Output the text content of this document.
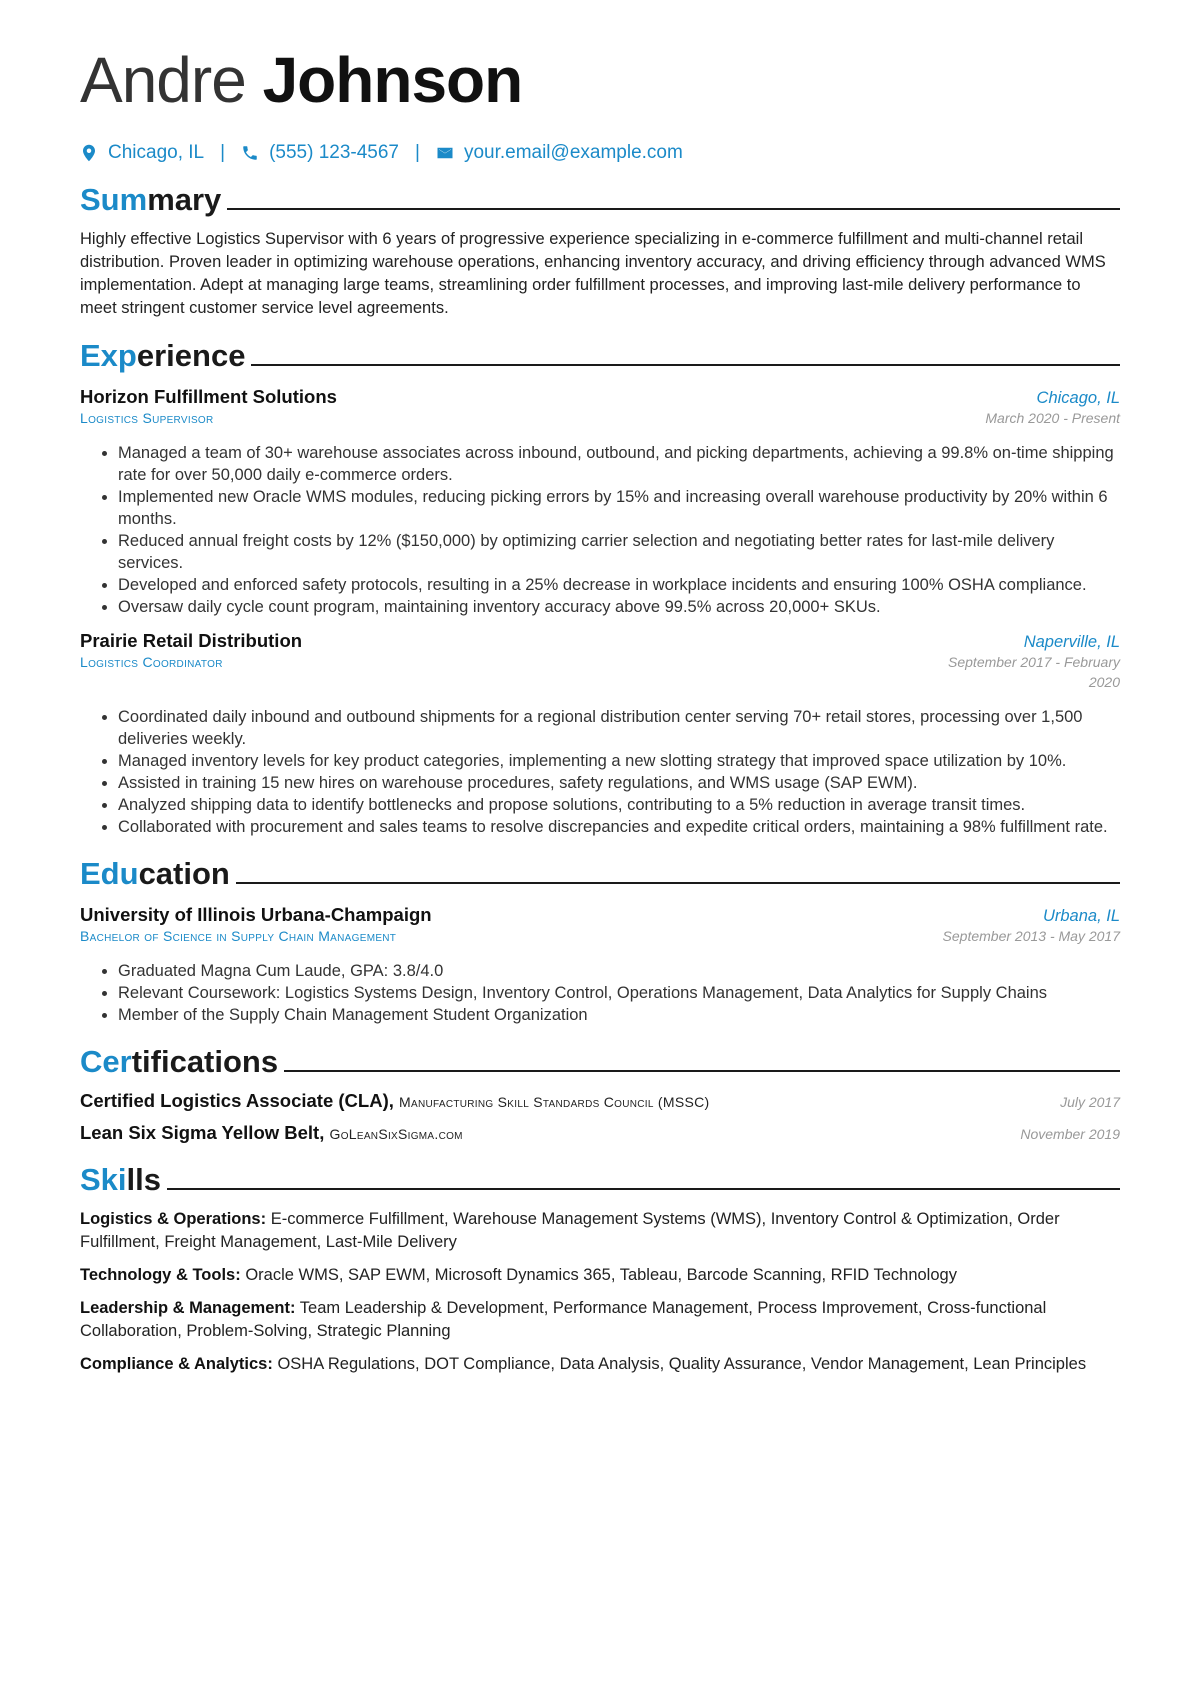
Andre Johnson
Chicago, IL | (555) 123-4567 | your.email@example.com
Summary
Highly effective Logistics Supervisor with 6 years of progressive experience specializing in e-commerce fulfillment and multi-channel retail distribution. Proven leader in optimizing warehouse operations, enhancing inventory accuracy, and driving efficiency through advanced WMS implementation. Adept at managing large teams, streamlining order fulfillment processes, and improving last-mile delivery performance to meet stringent customer service level agreements.
Experience
Horizon Fulfillment Solutions	Chicago, IL
Logistics Supervisor	March 2020 - Present
• Managed a team of 30+ warehouse associates across inbound, outbound, and picking departments, achieving a 99.8% on-time shipping rate for over 50,000 daily e-commerce orders.
• Implemented new Oracle WMS modules, reducing picking errors by 15% and increasing overall warehouse productivity by 20% within 6 months.
• Reduced annual freight costs by 12% ($150,000) by optimizing carrier selection and negotiating better rates for last-mile delivery services.
• Developed and enforced safety protocols, resulting in a 25% decrease in workplace incidents and ensuring 100% OSHA compliance.
• Oversaw daily cycle count program, maintaining inventory accuracy above 99.5% across 20,000+ SKUs.
Prairie Retail Distribution	Naperville, IL
Logistics Coordinator	September 2017 - February 2020
• Coordinated daily inbound and outbound shipments for a regional distribution center serving 70+ retail stores, processing over 1,500 deliveries weekly.
• Managed inventory levels for key product categories, implementing a new slotting strategy that improved space utilization by 10%.
• Assisted in training 15 new hires on warehouse procedures, safety regulations, and WMS usage (SAP EWM).
• Analyzed shipping data to identify bottlenecks and propose solutions, contributing to a 5% reduction in average transit times.
• Collaborated with procurement and sales teams to resolve discrepancies and expedite critical orders, maintaining a 98% fulfillment rate.
Education
University of Illinois Urbana-Champaign	Urbana, IL
Bachelor of Science in Supply Chain Management	September 2013 - May 2017
• Graduated Magna Cum Laude, GPA: 3.8/4.0
• Relevant Coursework: Logistics Systems Design, Inventory Control, Operations Management, Data Analytics for Supply Chains
• Member of the Supply Chain Management Student Organization
Certifications
Certified Logistics Associate (CLA), Manufacturing Skill Standards Council (MSSC)	July 2017
Lean Six Sigma Yellow Belt, GoLeanSixSigma.com	November 2019
Skills
Logistics & Operations: E-commerce Fulfillment, Warehouse Management Systems (WMS), Inventory Control & Optimization, Order Fulfillment, Freight Management, Last-Mile Delivery
Technology & Tools: Oracle WMS, SAP EWM, Microsoft Dynamics 365, Tableau, Barcode Scanning, RFID Technology
Leadership & Management: Team Leadership & Development, Performance Management, Process Improvement, Cross-functional Collaboration, Problem-Solving, Strategic Planning
Compliance & Analytics: OSHA Regulations, DOT Compliance, Data Analysis, Quality Assurance, Vendor Management, Lean Principles
